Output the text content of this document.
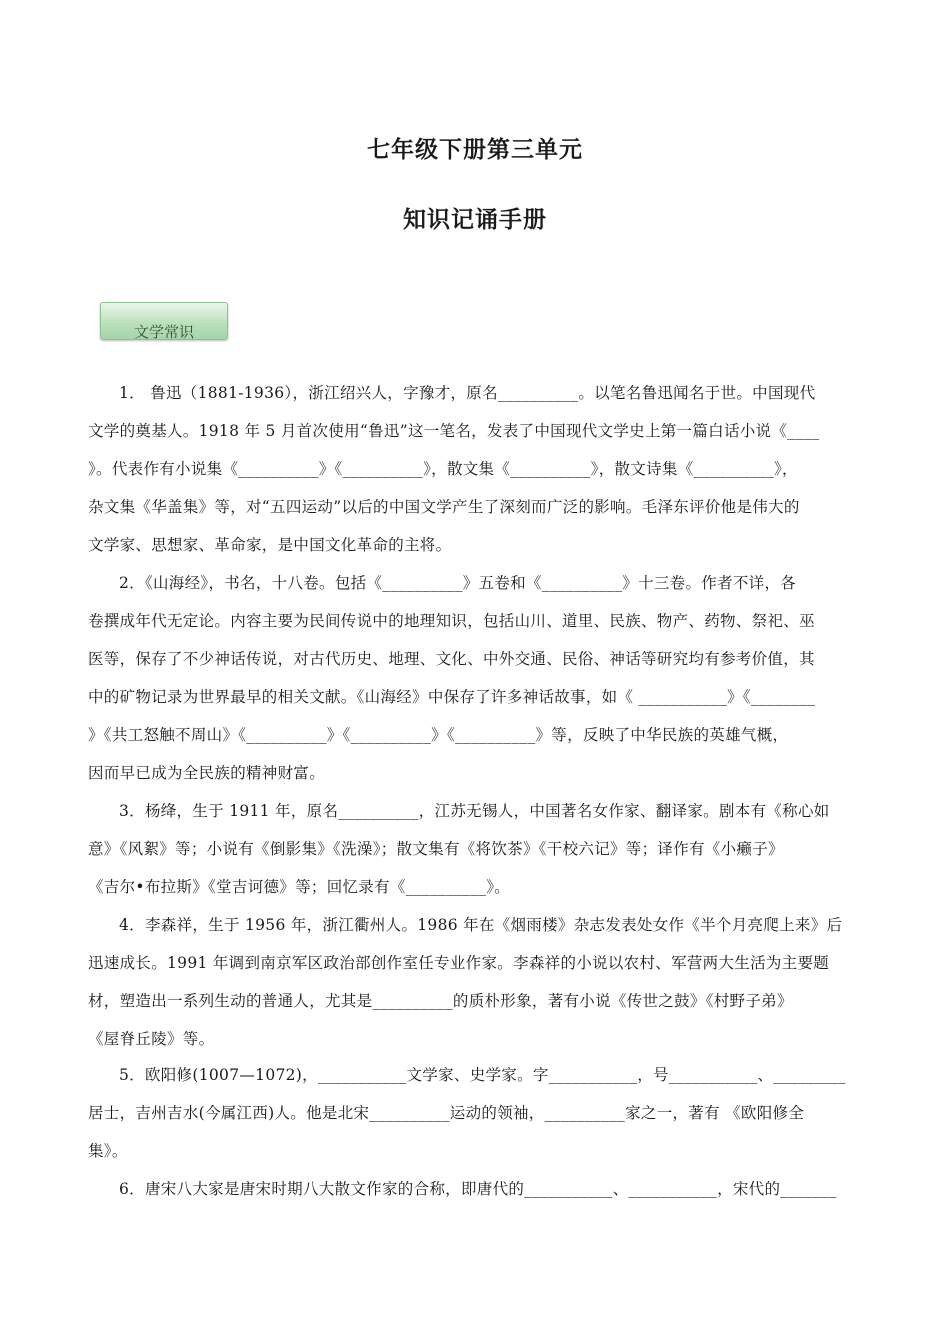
七年级下册第三单元
知识记诵手册
文学常识
1． 鲁迅（1881-1936），浙江绍兴人，字豫才，原名__________。以笔名鲁迅闻名于世。中国现代
文学的奠基人。1918 年 5 月首次使用“鲁迅”这一笔名，发表了中国现代文学史上第一篇白话小说《____
》。代表作有小说集《__________》《__________》，散文集《__________》，散文诗集《__________》，
杂文集《华盖集》等，对“五四运动”以后的中国文学产生了深刻而广泛的影响。毛泽东评价他是伟大的
文学家、思想家、革命家，是中国文化革命的主将。
2．《山海经》，书名，十八卷。包括《__________》五卷和《__________》十三卷。作者不详，各
卷撰成年代无定论。内容主要为民间传说中的地理知识，包括山川、道里、民族、物产、药物、祭祀、巫
医等，保存了不少神话传说，对古代历史、地理、文化、中外交通、民俗、神话等研究均有参考价值，其
中的矿物记录为世界最早的相关文献。《山海经》中保存了许多神话故事，如《 ___________》《________
》《共工怒触不周山》《__________》《__________》《__________》等，反映了中华民族的英雄气概，
因而早已成为全民族的精神财富。
3．杨绛，生于 1911 年，原名__________，江苏无锡人，中国著名女作家、翻译家。剧本有《称心如
意》《风絮》等；小说有《倒影集》《洗澡》；散文集有《将饮茶》《干校六记》等；译作有《小癞子》
《吉尔•布拉斯》《堂吉诃德》等；回忆录有《__________》。
4．李森祥，生于 1956 年，浙江衢州人。1986 年在《烟雨楼》杂志发表处女作《半个月亮爬上来》后
迅速成长。1991 年调到南京军区政治部创作室任专业作家。李森祥的小说以农村、军营两大生活为主要题
材，塑造出一系列生动的普通人，尤其是__________的质朴形象，著有小说《传世之鼓》《村野子弟》
《屋脊丘陵》等。
5．欧阳修(1007—1072)，___________文学家、史学家。字___________，号___________、_________
居士，吉州吉水(今属江西)人。他是北宋__________运动的领袖，__________家之一，著有 《欧阳修全
集》。
6．唐宋八大家是唐宋时期八大散文作家的合称，即唐代的___________、___________，宋代的_______
